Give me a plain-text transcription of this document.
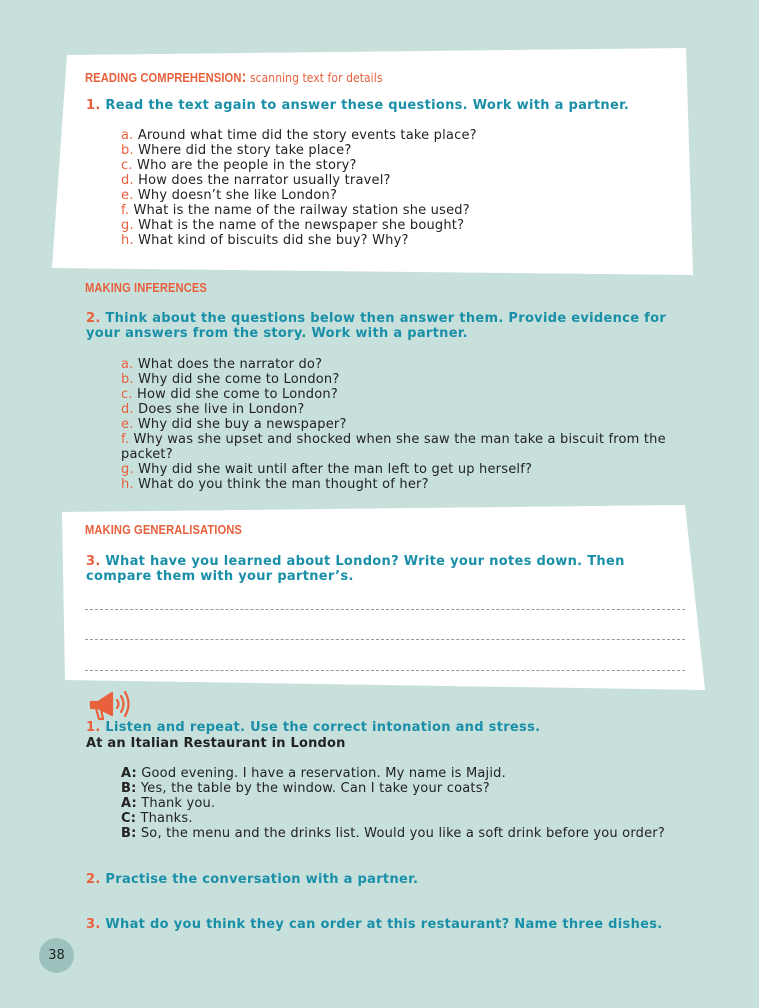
READING COMPREHENSION: scanning text for details
1. Read the text again to answer these questions. Work with a partner.
a. Around what time did the story events take place?
b. Where did the story take place?
c. Who are the people in the story?
d. How does the narrator usually travel?
e. Why doesn’t she like London?
f. What is the name of the railway station she used?
g. What is the name of the newspaper she bought?
h. What kind of biscuits did she buy? Why?
MAKING INFERENCES
2. Think about the questions below then answer them. Provide evidence for
your answers from the story. Work with a partner.
a. What does the narrator do?
b. Why did she come to London?
c. How did she come to London?
d. Does she live in London?
e. Why did she buy a newspaper?
f. Why was she upset and shocked when she saw the man take a biscuit from the packet?
g. Why did she wait until after the man left to get up herself?
h. What do you think the man thought of her?
MAKING GENERALISATIONS
3. What have you learned about London? Write your notes down. Then
compare them with your partner’s.
1. Listen and repeat. Use the correct intonation and stress.
At an Italian Restaurant in London
A: Good evening. I have a reservation. My name is Majid.
B: Yes, the table by the window. Can I take your coats?
A: Thank you.
C: Thanks.
B: So, the menu and the drinks list. Would you like a soft drink before you order?
2. Practise the conversation with a partner.
3. What do you think they can order at this restaurant? Name three dishes.
38
